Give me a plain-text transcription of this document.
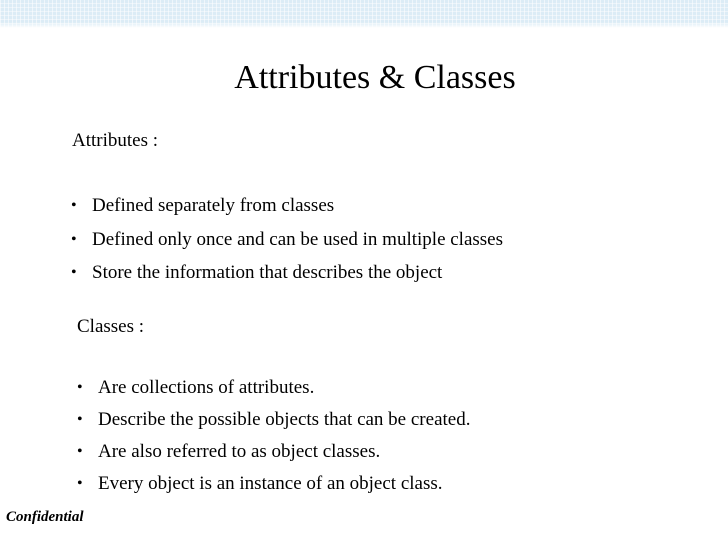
Attributes & Classes
Attributes :
• Defined separately from classes
• Defined only once and can be used in multiple classes
• Store the information that describes the object
Classes :
• Are collections of attributes.
• Describe the possible objects that can be created.
• Are also referred to as object classes.
• Every object is an instance of an object class.
Confidential
